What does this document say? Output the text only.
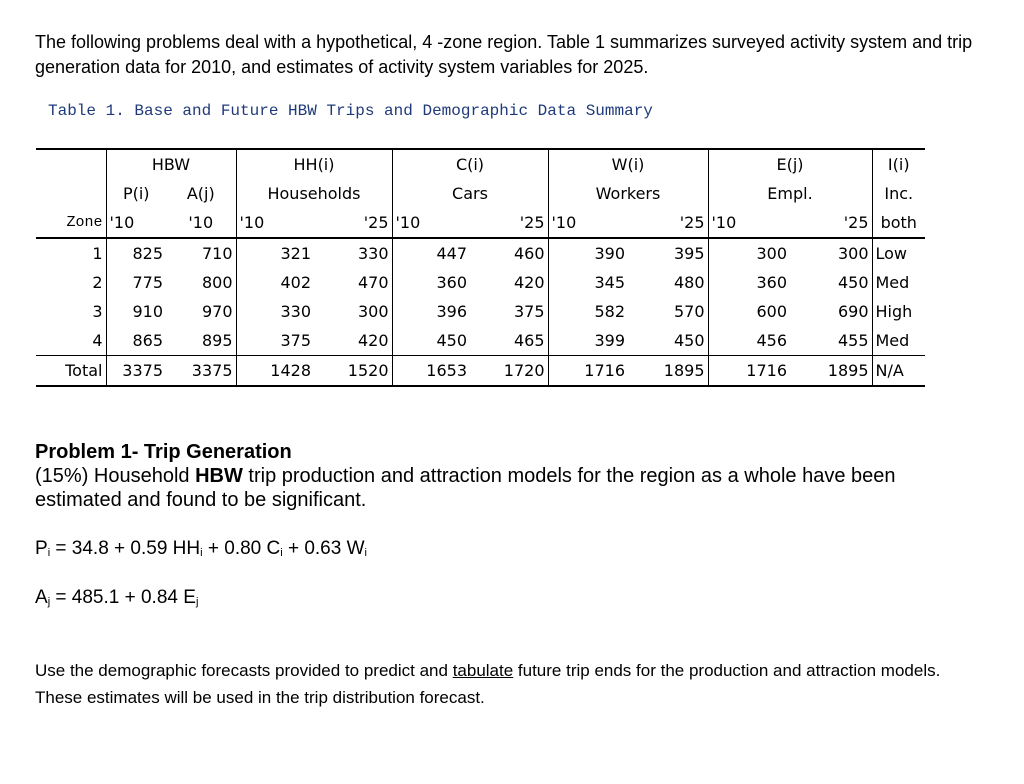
The following problems deal with a hypothetical, 4 -zone region. Table 1 summarizes surveyed activity system and trip generation data for 2010, and estimates of activity system variables for 2025.
Table 1. Base and Future HBW Trips and Demographic Data Summary
	HBW		HH(i)		C(i)		W(i)		E(j)		I(i)
	P(i)	A(j)	Households		Cars		Workers		Empl.		Inc.
Zone	'10	'10	'10	'25	'10	'25	'10	'25	'10	'25	both
1	825	710	321	330	447	460	390	395	300	300	Low
2	775	800	402	470	360	420	345	480	360	450	Med
3	910	970	330	300	396	375	582	570	600	690	High
4	865	895	375	420	450	465	399	450	456	455	Med
Total	3375	3375	1428	1520	1653	1720	1716	1895	1716	1895	N/A
Problem 1- Trip Generation
(15%) Household HBW trip production and attraction models for the region as a whole have been estimated and found to be significant.
$P_i = 34.8 + 0.59$ $HH_i + 0.80$ $C_i + 0.63$ $W_i$
$A_j = 485.1 + 0.84$ $E_j$
Use the demographic forecasts provided to predict and tabulate future trip ends for the production and attraction models. These estimates will be used in the trip distribution forecast.
